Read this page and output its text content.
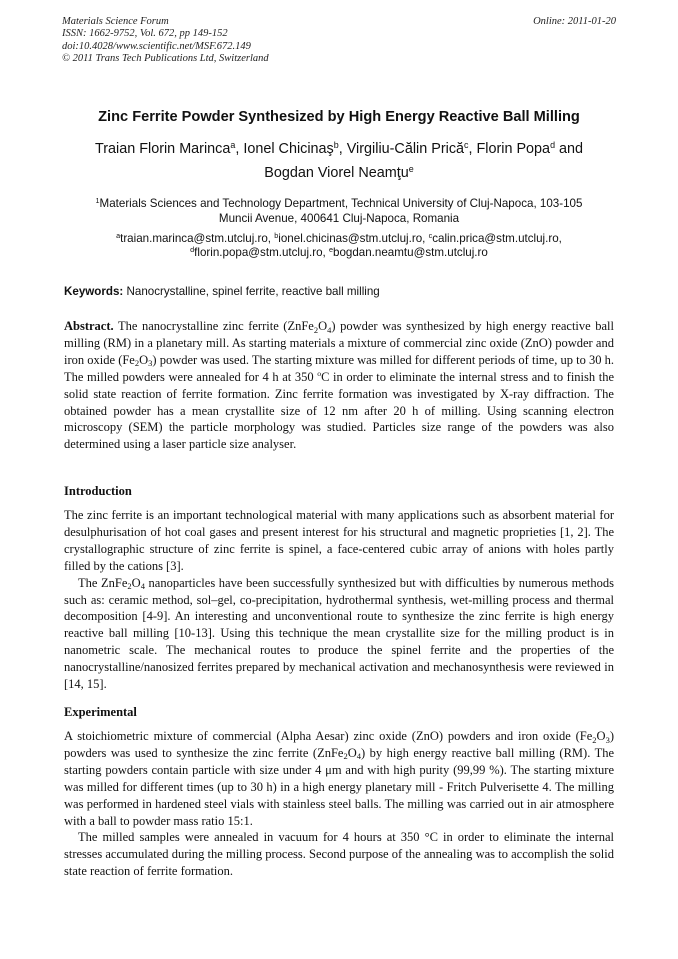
Materials Science Forum
ISSN: 1662-9752, Vol. 672, pp 149-152
doi:10.4028/www.scientific.net/MSF.672.149
© 2011 Trans Tech Publications Ltd, Switzerland
Online: 2011-01-20
Zinc Ferrite Powder Synthesized by High Energy Reactive Ball Milling
Traian Florin Marinca$^a$, Ionel Chicinaş$^b$, Virgiliu-Călin Prică$^c$, Florin Popa$^d$ and
Bogdan Viorel Neamţu$^e$
$^1$Materials Sciences and Technology Department, Technical University of Cluj-Napoca, 103-105
Muncii Avenue, 400641 Cluj-Napoca, Romania
$^a$traian.marinca@stm.utcluj.ro, $^b$ionel.chicinas@stm.utcluj.ro, $^c$calin.prica@stm.utcluj.ro,
$^d$florin.popa@stm.utcluj.ro, $^e$bogdan.neamtu@stm.utcluj.ro
Keywords: Nanocrystalline, spinel ferrite, reactive ball milling

Abstract. The nanocrystalline zinc ferrite $(ZnFe_2O_4)$ powder was synthesized by high energy reactive ball milling (RM) in a planetary mill. As starting materials a mixture of commercial zinc oxide (ZnO) powder and iron oxide $(Fe_2O_3)$ powder was used. The starting mixture was milled for different periods of time, up to 30 h. The milled powders were annealed for 4 h at 350 $^o$C in order to eliminate the internal stress and to finish the solid state reaction of ferrite formation. Zinc ferrite formation was investigated by X-ray diffraction. The obtained powder has a mean crystallite size of 12 nm after 20 h of milling. Using scanning electron microscopy (SEM) the particle morphology was studied. Particles size range of the powders was also determined using a laser particle size analyser.

Introduction

The zinc ferrite is an important technological material with many applications such as absorbent material for desulphurisation of hot coal gases and present interest for his structural and magnetic proprieties [1, 2]. The crystallographic structure of zinc ferrite is spinel, a face-centered cubic array of anions with holes partly filled by the cations [3].

The $ZnFe_2O_4$ nanoparticles have been successfully synthesized but with difficulties by numerous methods such as: ceramic method, sol–gel, co-precipitation, hydrothermal synthesis, wet-milling process and thermal decomposition [4-9]. An interesting and unconventional route to synthesize the zinc ferrite is high energy reactive ball milling [10-13]. Using this technique the mean crystallite size for the milling product is in nanometric scale. The mechanical routes to produce the spinel ferrite and the properties of the nanocrystalline/nanosized ferrites prepared by mechanical activation and mechanosynthesis were reviewed in [14, 15].

Experimental

A stoichiometric mixture of commercial (Alpha Aesar) zinc oxide (ZnO) powders and iron oxide $(Fe_2O_3)$ powders was used to synthesize the zinc ferrite $(ZnFe_2O_4)$ by high energy reactive ball milling (RM). The starting powders contain particle with size under 4 μm and with high purity (99,99 %). The starting mixture was milled for different times (up to 30 h) in a high energy planetary mill - Fritch Pulverisette 4. The milling was performed in hardened steel vials with stainless steel balls. The milling was carried out in air atmosphere with a ball to powder mass ratio 15:1.

The milled samples were annealed in vacuum for 4 hours at 350 °C in order to eliminate the internal stresses accumulated during the milling process. Second purpose of the annealing was to accomplish the solid state reaction of ferrite formation.
